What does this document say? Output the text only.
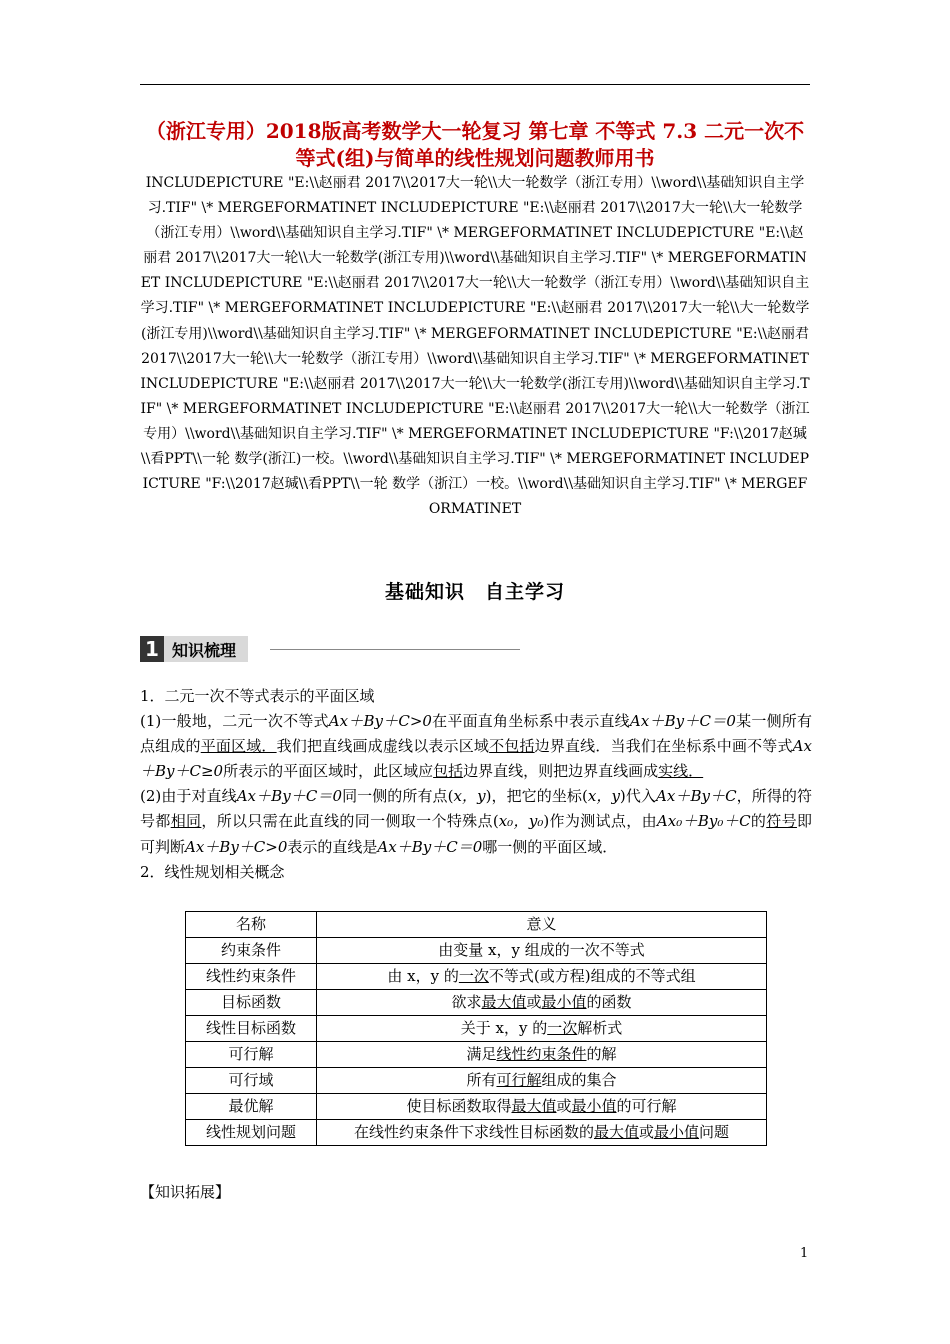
（浙江专用）2018版高考数学大一轮复习 第七章 不等式 7.3 二元一次不等式(组)与简单的线性规划问题教师用书
INCLUDEPICTURE "E:\\赵丽君 2017\\2017大一轮\\大一轮数学（浙江专用）\\word\\基础知识自主学习.TIF" \* MERGEFORMATINET INCLUDEPICTURE "E:\\赵丽君 2017\\2017大一轮\\大一轮数学（浙江专用）\\word\\基础知识自主学习.TIF" \* MERGEFORMATINET INCLUDEPICTURE "E:\\赵丽君 2017\\2017大一轮\\大一轮数学(浙江专用)\\word\\基础知识自主学习.TIF" \* MERGEFORMATINET INCLUDEPICTURE "E:\\赵丽君 2017\\2017大一轮\\大一轮数学（浙江专用）\\word\\基础知识自主学习.TIF" \* MERGEFORMATINET INCLUDEPICTURE "E:\\赵丽君 2017\\2017大一轮\\大一轮数学(浙江专用)\\word\\基础知识自主学习.TIF" \* MERGEFORMATINET INCLUDEPICTURE "E:\\赵丽君 2017\\2017大一轮\\大一轮数学（浙江专用）\\word\\基础知识自主学习.TIF" \* MERGEFORMATINET INCLUDEPICTURE "E:\\赵丽君 2017\\2017大一轮\\大一轮数学(浙江专用)\\word\\基础知识自主学习.TIF" \* MERGEFORMATINET INCLUDEPICTURE "E:\\赵丽君 2017\\2017大一轮\\大一轮数学（浙江专用）\\word\\基础知识自主学习.TIF" \* MERGEFORMATINET INCLUDEPICTURE "F:\\2017赵瑊\\看PPT\\一轮 数学(浙江)一校。\\word\\基础知识自主学习.TIF" \* MERGEFORMATINET INCLUDEPICTURE "F:\\2017赵瑊\\看PPT\\一轮 数学（浙江）一校。\\word\\基础知识自主学习.TIF" \* MERGEFORMATINET
基础知识　自主学习
1 知识梳理

1．二元一次不等式表示的平面区域

(1)一般地，二元一次不等式Ax＋By＋C>0在平面直角坐标系中表示直线Ax＋By＋C＝0某一侧所有点组成的平面区域．我们把直线画成虚线以表示区域不包括边界直线．当我们在坐标系中画不等式Ax＋By＋C≥0所表示的平面区域时，此区域应包括边界直线，则把边界直线画成实线．

(2)由于对直线Ax＋By＋C＝0同一侧的所有点(x，y)，把它的坐标(x，y)代入Ax＋By＋C，所得的符号都相同，所以只需在此直线的同一侧取一个特殊点(x₀，y₀)作为测试点，由Ax₀＋By₀＋C的符号即可判断Ax＋By＋C>0表示的直线是Ax＋By＋C＝0哪一侧的平面区域．

2．线性规划相关概念

名称	意义
约束条件	由变量 x，y 组成的一次不等式
线性约束条件	由 x，y 的一次不等式(或方程)组成的不等式组
目标函数	欲求最大值或最小值的函数
线性目标函数	关于 x，y 的一次解析式
可行解	满足线性约束条件的解
可行域	所有可行解组成的集合
最优解	使目标函数取得最大值或最小值的可行解
线性规划问题	在线性约束条件下求线性目标函数的最大值或最小值问题
【知识拓展】
1
